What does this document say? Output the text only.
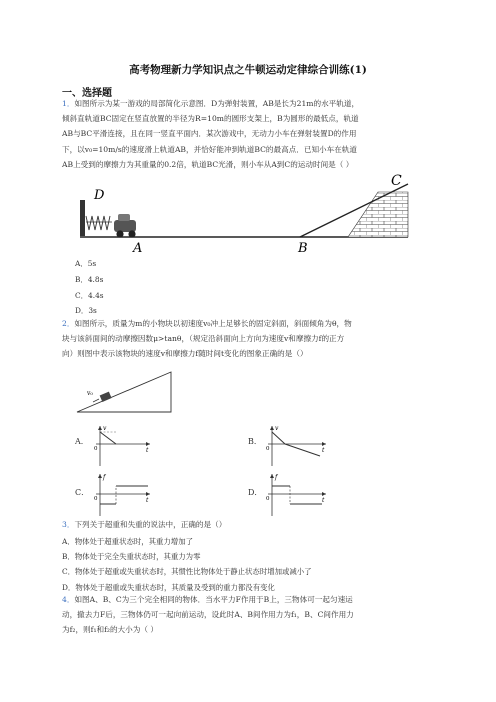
高考物理新力学知识点之牛顿运动定律综合训练(1)
一、选择题
1．如图所示为某一游戏的局部简化示意图．D为弹射装置，AB是长为21m的水平轨道，
倾斜直轨道BC固定在竖直放置的半径为R=10m的圆形支架上，B为圆形的最低点，轨道
AB与BC平滑连接，且在同一竖直平面内．某次游戏中，无动力小车在弹射装置D的作用
下，以v₀=10m/s的速度滑上轨道AB，并恰好能冲到轨道BC的最高点．已知小车在轨道
AB上受到的摩擦力为其重量的0.2倍，轨道BC光滑，则小车从A到C的运动时间是（ ）
D
C
A	B
A．5s
B．4.8s
C．4.4s
D．3s
2．如图所示，质量为m的小物块以初速度v₀冲上足够长的固定斜面，斜面倾角为θ，物
块与该斜面间的动摩擦因数μ>tanθ，（规定沿斜面向上方向为速度v和摩擦力f的正方
向）则图中表示该物块的速度v和摩擦力f随时间t变化的图象正确的是（）
v₀
A．
v
0	t
B．
v
0	t
C．
f
0	t
D．
f
0	t
3．下列关于超重和失重的说法中，正确的是（）
A．物体处于超重状态时，其重力增加了
B．物体处于完全失重状态时，其重力为零
C．物体处于超重或失重状态时，其惯性比物体处于静止状态时增加或减小了
D．物体处于超重或失重状态时，其质量及受到的重力都没有变化
4．如图A、B、C为三个完全相同的物体．当水平力F作用于B上，三物体可一起匀速运
动，撤去力F后，三物体仍可一起向前运动，设此时A、B间作用力为f₁，B、C间作用力
为f₂，则f₁和f₂的大小为（ ）
